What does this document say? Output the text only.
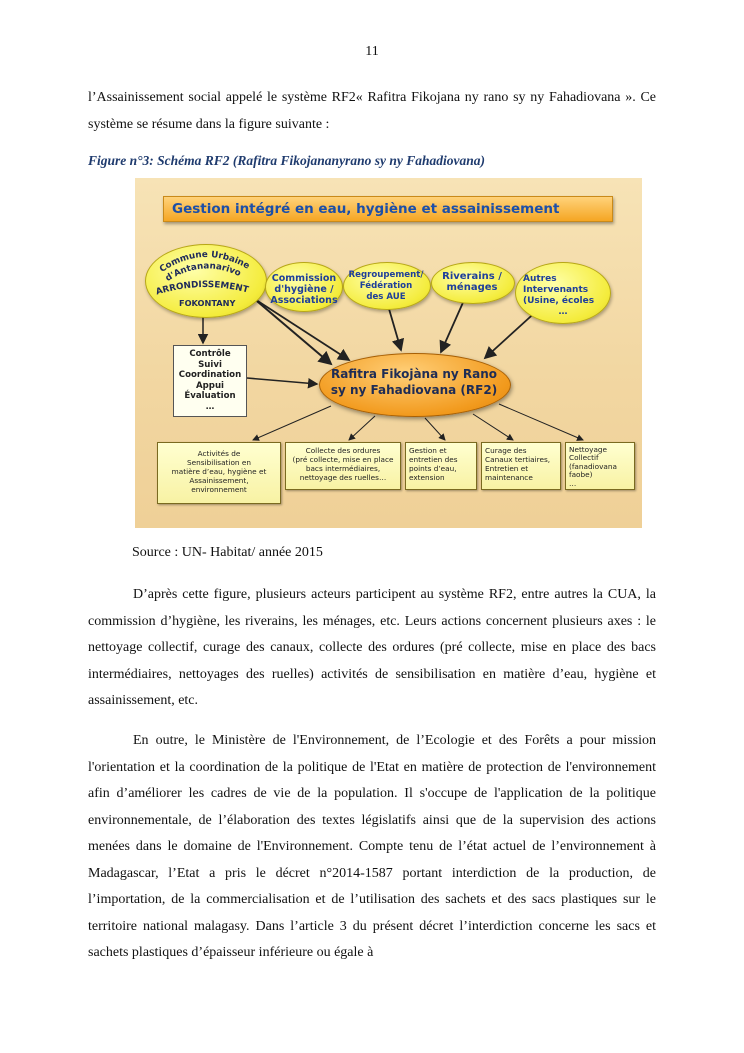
11

l’Assainissement social appelé le système RF2« Rafitra Fikojana ny rano sy ny Fahadiovana ». Ce système se résume dans la figure suivante :

Figure n°3: Schéma RF2 (Rafitra Fikojananyrano sy ny Fahadiovana)
Gestion intégré en eau, hygiène et assainissement
Commune Urbaine
d'Antananarivo
ARRONDISSEMENT
FOKONTANY
Commission
d'hygiène /
Associations
Regroupement/
Fédération
des AUE
Riverains /
ménages
Autres
Intervenants
(Usine, écoles
…
Contrôle
Suivi
Coordination
Appui
Évaluation
…
Rafitra Fikojàna ny Rano
sy ny Fahadiovana (RF2)
Activités de
Sensibilisation en
matière d’eau, hygiène et
Assainissement,
environnement
Collecte des ordures
(pré collecte, mise en place
bacs intermédiaires,
nettoyage des ruelles…
Gestion et
entretien des
points d’eau,
extension
Curage des
Canaux tertiaires,
Entretien et
maintenance
Nettoyage
Collectif
(fanadiovana
faobe)
…
Source : UN- Habitat/ année 2015

D’après cette figure, plusieurs acteurs participent au système RF2, entre autres la CUA, la commission d’hygiène, les riverains, les ménages, etc. Leurs actions concernent plusieurs axes : le nettoyage collectif, curage des canaux, collecte des ordures (pré collecte, mise en place des bacs intermédiaires, nettoyages des ruelles) activités de sensibilisation en matière d’eau, hygiène et assainissement, etc.

En outre, le Ministère de l'Environnement, de l’Ecologie et des Forêts a pour mission l'orientation et la coordination de la politique de l'Etat en matière de protection de l'environnement afin d’améliorer les cadres de vie de la population. Il s'occupe de l'application de la politique environnementale, de l’élaboration des textes législatifs ainsi que de la supervision des actions menées dans le domaine de l'Environnement. Compte tenu de l’état actuel de l’environnement à Madagascar, l’Etat a pris le décret n°2014-1587 portant interdiction de la production, de l’importation, de la commercialisation et de l’utilisation des sachets et des sacs plastiques sur le territoire national malagasy. Dans l’article 3 du présent décret l’interdiction concerne les sacs et sachets plastiques d’épaisseur inférieure ou égale à
